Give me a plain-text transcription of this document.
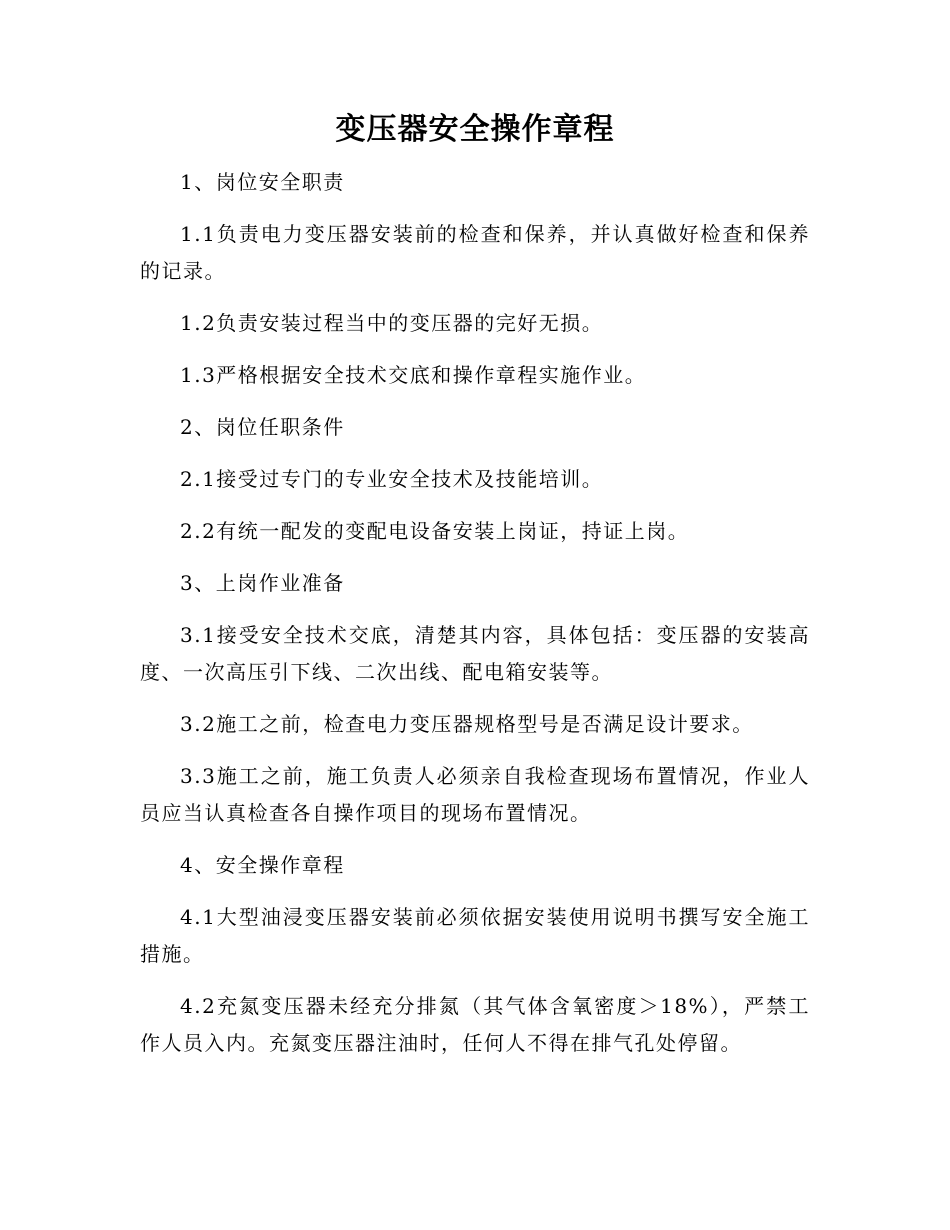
变压器安全操作章程

1、岗位安全职责

1.1负责电力变压器安装前的检查和保养，并认真做好检查和保养的记录。

1.2负责安装过程当中的变压器的完好无损。

1.3严格根据安全技术交底和操作章程实施作业。

2、岗位任职条件

2.1接受过专门的专业安全技术及技能培训。

2.2有统一配发的变配电设备安装上岗证，持证上岗。

3、上岗作业准备

3.1接受安全技术交底，清楚其内容，具体包括：变压器的安装高度、一次高压引下线、二次出线、配电箱安装等。

3.2施工之前，检查电力变压器规格型号是否满足设计要求。

3.3施工之前，施工负责人必须亲自我检查现场布置情况，作业人员应当认真检查各自操作项目的现场布置情况。

4、安全操作章程

4.1大型油浸变压器安装前必须依据安装使用说明书撰写安全施工措施。

4.2充氮变压器未经充分排氮（其气体含氧密度＞18%），严禁工作人员入内。充氮变压器注油时，任何人不得在排气孔处停留。
